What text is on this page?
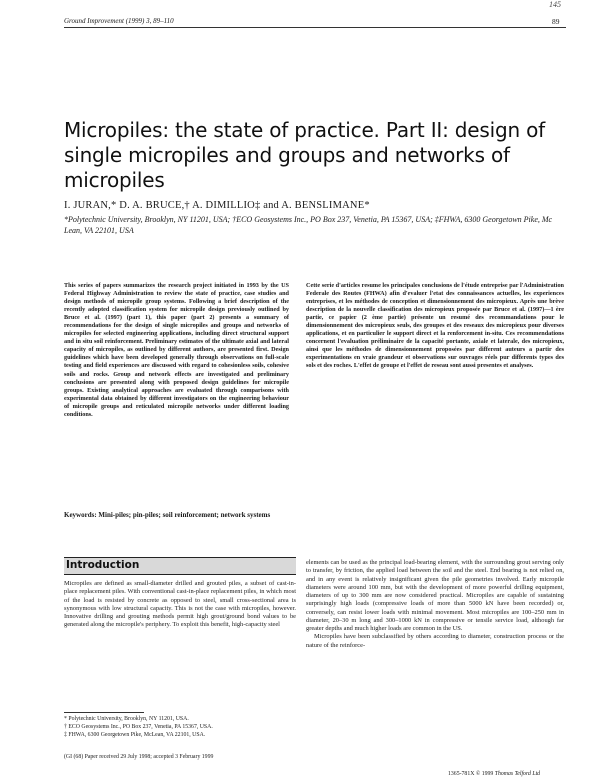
145
Ground Improvement (1999) 3, 89–110	89
Micropiles: the state of practice. Part II: design of single micropiles and groups and networks of micropiles
I. JURAN,* D. A. BRUCE,† A. DIMILLIO‡ and A. BENSLIMANE*
*Polytechnic University, Brooklyn, NY 11201, USA; †ECO Geosystems Inc., PO Box 237, Venetia, PA 15367, USA; ‡FHWA, 6300 Georgetown Pike, Mc Lean, VA 22101, USA
This series of papers summarizes the research project initiated in 1993 by the US Federal Highway Administration to review the state of practice, case studies and design methods of micropile group systems. Following a brief description of the recently adopted classification system for micropile design previously outlined by Bruce et al. (1997) (part 1), this paper (part 2) presents a summary of recommendations for the design of single micropiles and groups and networks of micropiles for selected engineering applications, including direct structural support and in situ soil reinforcement. Preliminary estimates of the ultimate axial and lateral capacity of micropiles, as outlined by different authors, are presented first. Design guidelines which have been developed generally through observations on full-scale testing and field experiences are discussed with regard to cohesionless soils, cohesive soils and rocks. Group and network effects are investigated and preliminary conclusions are presented along with proposed design guidelines for micropile groups. Existing analytical approaches are evaluated through comparisons with experimental data obtained by different investigators on the engineering behaviour of micropile groups and reticulated micropile networks under different loading conditions.
Cette serie d'articles resume les principales conclusions de l'étude entreprise par l'Administration Federale des Routes (FHWA) afin d'evaluer l'etat des connaissances actuelles, les experiences entreprises, et les méthodes de conception et dimensionnement des micropieux. Après une brève description de la nouvelle classification des micropieux proposée par Bruce et al. (1997)—1 ère partie, ce papier (2 ème partie) présente un resumé des recommandations pour le dimensionnement des micropieux seuls, des groupes et des reseaux des micropieux pour diverses applications, et en particulier le support direct et la renforcement in-situ. Ces recommendations concernent l'evaluation préliminaire de la capacité portante, axiale et laterale, des micropieux, ainsi que les méthodes de dimensionnement proposées par different auteurs a partir des experimentations en vraie grandeur et observations sur ouvrages réels pur differents types des sols et des roches. L'effet de groupe et l'effet de reseau sont aussi presentes et analyses.
Keywords: Mini-piles; pin-piles; soil reinforcement; network systems
Introduction

Micropiles are defined as small-diameter drilled and grouted piles, a subset of cast-in-place replacement piles. With conventional cast-in-place replacement piles, in which most of the load is resisted by concrete as opposed to steel, small cross-sectional area is synonymous with low structural capacity. This is not the case with micropiles, however. Innovative drilling and grouting methods permit high grout/ground bond values to be generated along the micropile's periphery. To exploit this benefit, high-capacity steel

elements can be used as the principal load-bearing element, with the surrounding grout serving only to transfer, by friction, the applied load between the soil and the steel. End bearing is not relied on, and in any event is relatively insignificant given the pile geometries involved. Early micropile diameters were around 100 mm, but with the development of more powerful drilling equipment, diameters of up to 300 mm are now considered practical. Micropiles are capable of sustaining surprisingly high loads (compressive loads of more than 5000 kN have been recorded) or, conversely, can resist lower loads with minimal movement. Most micropiles are 100–250 mm in diameter, 20–30 m long and 300–1000 kN in compressive or tensile service load, although far greater depths and much higher loads are common in the US.

Micropiles have been subclassified by others according to diameter, construction process or the nature of the reinforce-

* Polytechnic University, Brooklyn, NY 11201, USA.
† ECO Geosystems Inc., PO Box 237, Venetia, PA 15367, USA.
‡ FHWA, 6300 Georgetown Pike, McLean, VA 22101, USA.
(GI (68) Paper received 29 July 1998; accepted 3 February 1999
1365-781X © 1999 Thomas Telford Ltd
